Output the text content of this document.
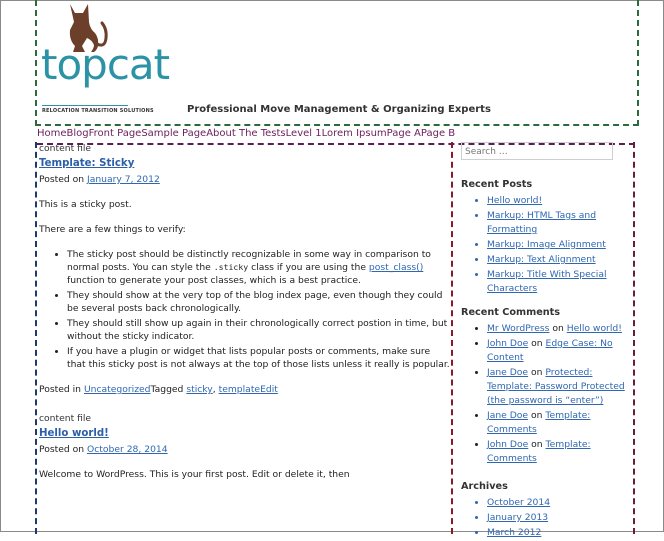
topcat
RELOCATION TRANSITION SOLUTIONS	Professional Move Management & Organizing Experts
HomeBlogFront PageSample PageAbout The TestsLevel 1Lorem IpsumPage APage B
content file
Template: Sticky
Posted on January 7, 2012

This is a sticky post.

There are a few things to verify:

• The sticky post should be distinctly recognizable in some way in comparison to normal posts. You can style the .sticky class if you are using the post_class() function to generate your post classes, which is a best practice.
• They should show at the very top of the blog index page, even though they could be several posts back chronologically.
• They should still show up again in their chronologically correct postion in time, but without the sticky indicator.
• If you have a plugin or widget that lists popular posts or comments, make sure that this sticky post is not always at the top of those lists unless it really is popular.
Posted in UncategorizedTagged sticky, templateEdit
content file
Hello world!
Posted on October 28, 2014

Welcome to WordPress. This is your first post. Edit or delete it, then

Search …
Recent Posts
• Hello world!
• Markup: HTML Tags and Formatting
• Markup: Image Alignment
• Markup: Text Alignment
• Markup: Title With Special Characters
Recent Comments
• Mr WordPress on Hello world!
• John Doe on Edge Case: No Content
• Jane Doe on Protected: Template: Password Protected (the password is “enter”)
• Jane Doe on Template: Comments
• John Doe on Template: Comments
Archives
• October 2014
• January 2013
• March 2012
